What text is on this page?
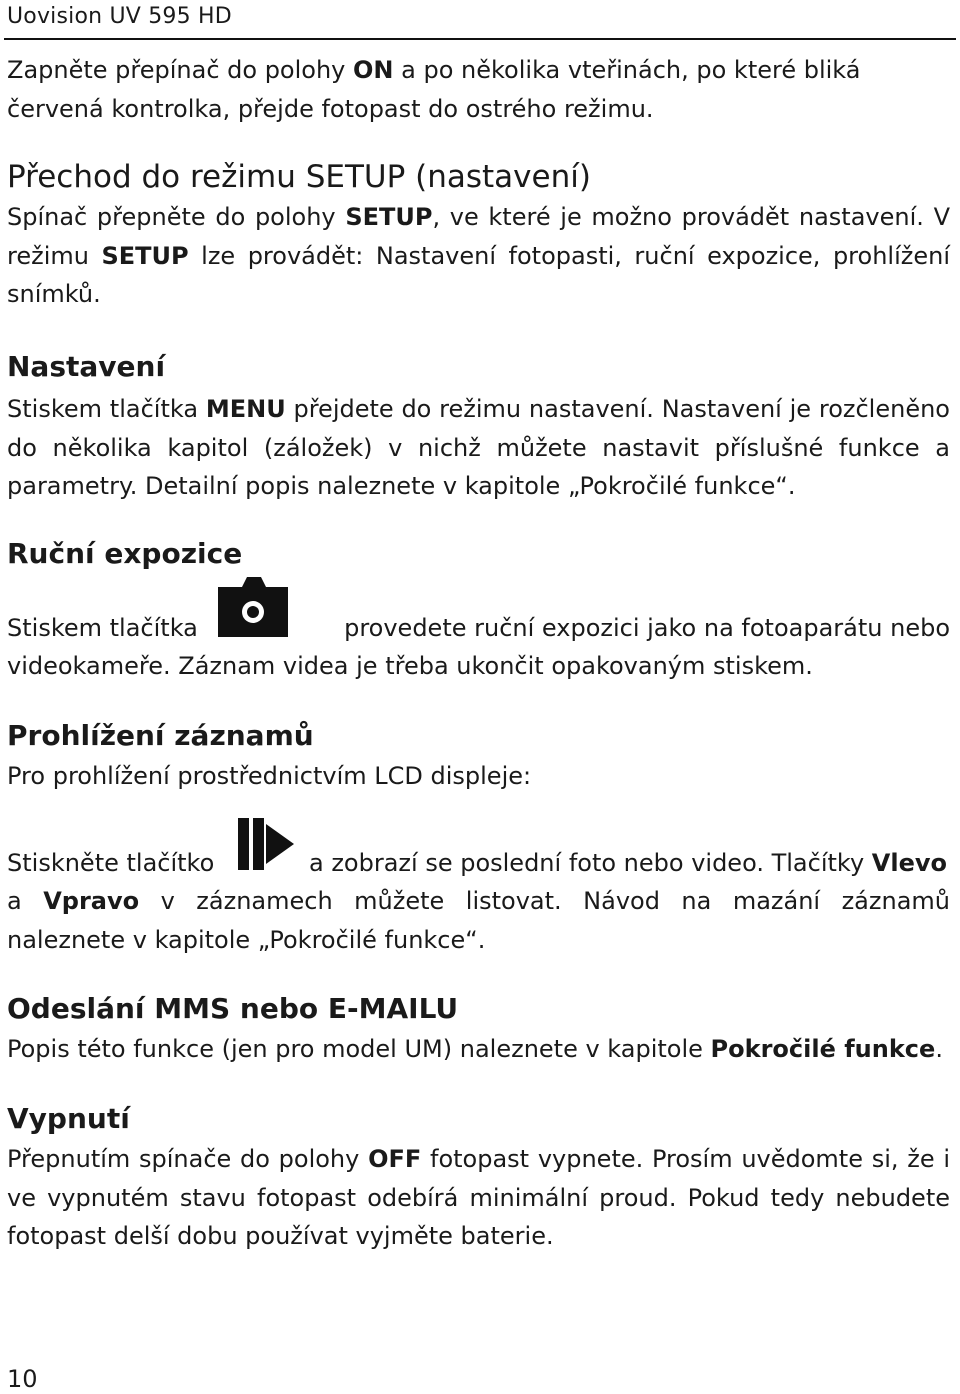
Uovision UV 595 HD

Zapněte přepínač do polohy ON a po několika vteřinách, po které bliká červená kontrolka, přejde fotopast do ostrého režimu.

Přechod do režimu SETUP (nastavení)

Spínač přepněte do polohy SETUP, ve které je možno provádět nastavení. V režimu SETUP lze provádět: Nastavení fotopasti, ruční expozice, prohlížení snímků.

Nastavení

Stiskem tlačítka MENU přejdete do režimu nastavení. Nastavení je rozčleněno do několika kapitol (záložek) v nichž můžete nastavit příslušné funkce a parametry. Detailní popis naleznete v kapitole „Pokročilé funkce“.

Ruční expozice

Stiskem tlačítka	provedete ruční expozici jako na fotoaparátu nebo

videokameře. Záznam videa je třeba ukončit opakovaným stiskem.

Prohlížení záznamů

Pro prohlížení prostřednictvím LCD displeje:

Stiskněte tlačítko	a zobrazí se poslední foto nebo video. Tlačítky Vlevo

a Vpravo v záznamech můžete listovat. Návod na mazání záznamů naleznete v kapitole „Pokročilé funkce“.

Odeslání MMS nebo E-MAILU

Popis této funkce (jen pro model UM) naleznete v kapitole Pokročilé funkce.

Vypnutí

Přepnutím spínače do polohy OFF fotopast vypnete. Prosím uvědomte si, že i ve vypnutém stavu fotopast odebírá minimální proud. Pokud tedy nebudete fotopast delší dobu používat vyjměte baterie.

10
